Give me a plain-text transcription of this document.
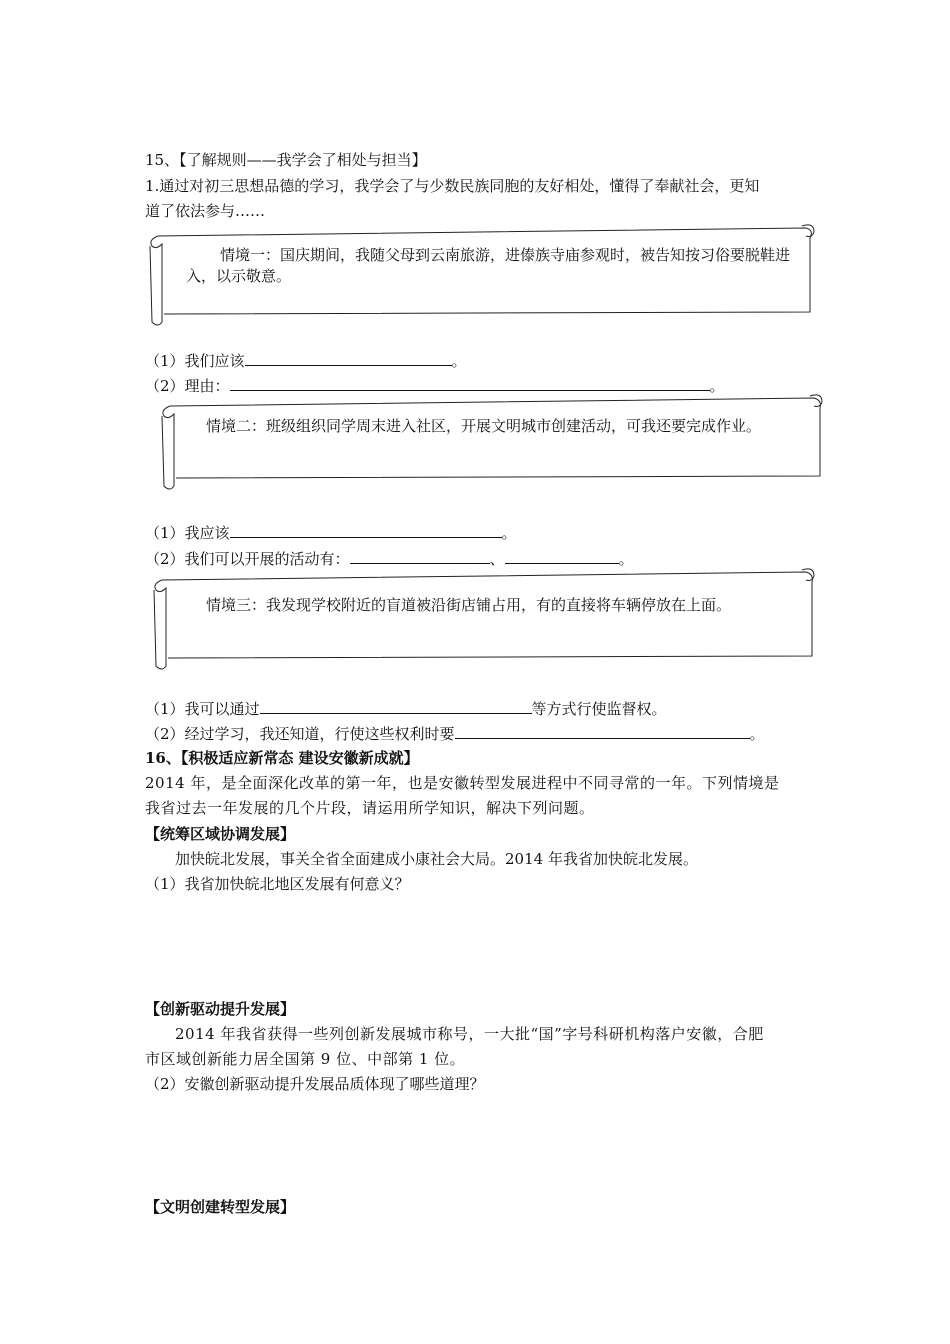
15、【了解规则——我学会了相处与担当】
1.通过对初三思想品德的学习，我学会了与少数民族同胞的友好相处，懂得了奉献社会，更知
道了依法参与……
情境一：国庆期间，我随父母到云南旅游，进傣族寺庙参观时，被告知按习俗要脱鞋进入，以示敬意。
（1）我们应该	。
（2）理由：	。
情境二：班级组织同学周末进入社区，开展文明城市创建活动，可我还要完成作业。
（1）我应该	。
（2）我们可以开展的活动有：	、	。
情境三：我发现学校附近的盲道被沿街店铺占用，有的直接将车辆停放在上面。
（1）我可以通过	等方式行使监督权。
（2）经过学习，我还知道，行使这些权利时要	。
16、【积极适应新常态 建设安徽新成就】
2014 年，是全面深化改革的第一年，也是安徽转型发展进程中不同寻常的一年。下列情境是
我省过去一年发展的几个片段，请运用所学知识，解决下列问题。
【统筹区域协调发展】
加快皖北发展，事关全省全面建成小康社会大局。2014 年我省加快皖北发展。
（1）我省加快皖北地区发展有何意义？
【创新驱动提升发展】
2014 年我省获得一些列创新发展城市称号，一大批“国”字号科研机构落户安徽，合肥
市区域创新能力居全国第 9 位、中部第 1 位。
（2）安徽创新驱动提升发展品质体现了哪些道理？
【文明创建转型发展】
